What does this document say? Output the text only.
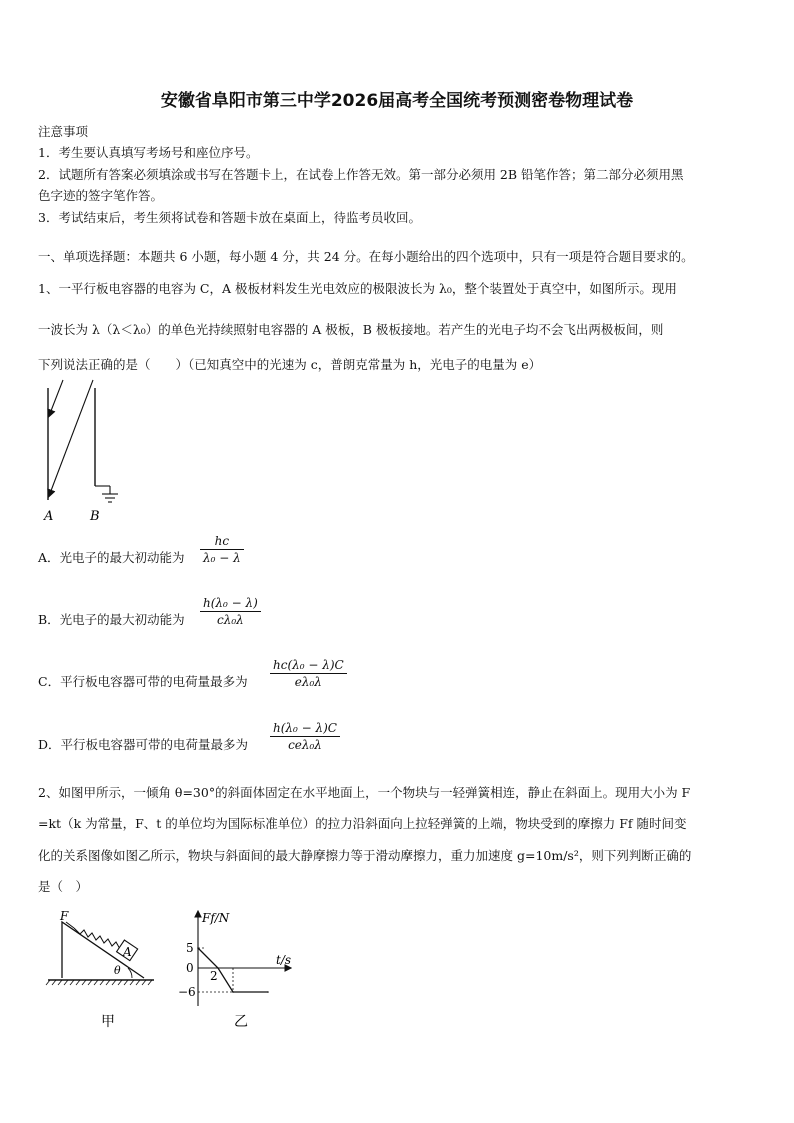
安徽省阜阳市第三中学2026届高考全国统考预测密卷物理试卷
注意事项
1．考生要认真填写考场号和座位序号。
2．试题所有答案必须填涂或书写在答题卡上，在试卷上作答无效。第一部分必须用 2B 铅笔作答；第二部分必须用黑
色字迹的签字笔作答。
3．考试结束后，考生须将试卷和答题卡放在桌面上，待监考员收回。
一、单项选择题：本题共 6 小题，每小题 4 分，共 24 分。在每小题给出的四个选项中，只有一项是符合题目要求的。
1、一平行板电容器的电容为 C，A 极板材料发生光电效应的极限波长为 λ₀，整个装置处于真空中，如图所示。现用
一波长为 λ（λ＜λ₀）的单色光持续照射电容器的 A 极板，B 极板接地。若产生的光电子均不会飞出两极板间，则
下列说法正确的是（　　）（已知真空中的光速为 c，普朗克常量为 h，光电子的电量为 e）
A	B
A．光电子的最大初动能为
hc
λ₀ − λ
B．光电子的最大初动能为
h(λ₀ − λ)
cλ₀λ
C．平行板电容器可带的电荷量最多为
hc(λ₀ − λ)C
eλ₀λ
D．平行板电容器可带的电荷量最多为
h(λ₀ − λ)C
ceλ₀λ
2、如图甲所示，一倾角 θ=30°的斜面体固定在水平地面上，一个物块与一轻弹簧相连，静止在斜面上。现用大小为 F
=kt（k 为常量，F、t 的单位均为国际标准单位）的拉力沿斜面向上拉轻弹簧的上端，物块受到的摩擦力 Ff 随时间变
化的关系图像如图乙所示，物块与斜面间的最大静摩擦力等于滑动摩擦力，重力加速度 g=10m/s²，则下列判断正确的
是（　）
A
F
θ
甲
Ff/N
t/s
5
0
−6
2
乙
